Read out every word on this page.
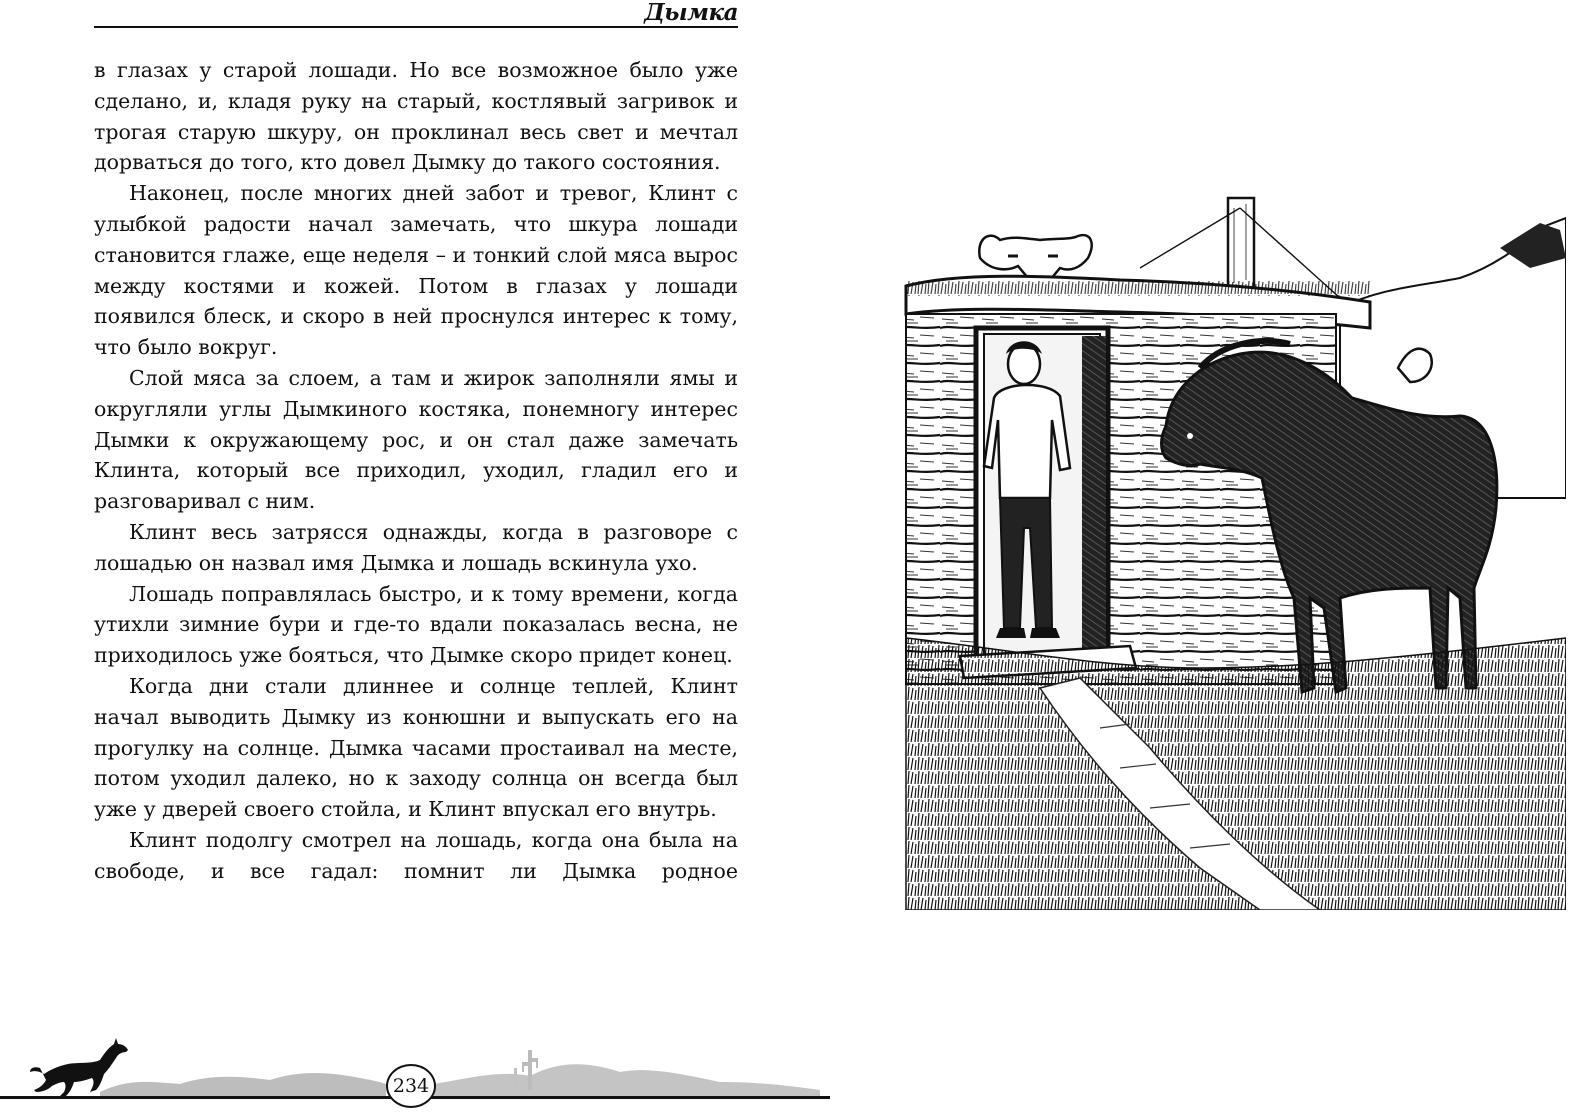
Дымка

в глазах у старой лошади. Но все возможное было уже сделано, и, кладя руку на старый, костлявый загривок и трогая старую шкуру, он проклинал весь свет и мечтал дорваться до того, кто довел Дымку до такого состояния.

Наконец, после многих дней забот и тревог, Клинт с улыбкой радости начал замечать, что шкура лошади становится глаже, еще неделя – и тонкий слой мяса вырос между костями и кожей. Потом в глазах у лошади появился блеск, и скоро в ней проснулся интерес к тому, что было вокруг.

Слой мяса за слоем, а там и жирок заполняли ямы и округляли углы Дымкиного костяка, понемногу интерес Дымки к окружающему рос, и он стал даже замечать Клинта, который все приходил, уходил, гладил его и разговаривал с ним.

Клинт весь затрясся однажды, когда в разговоре с лошадью он назвал имя Дымка и лошадь вскинула ухо.

Лошадь поправлялась быстро, и к тому времени, когда утихли зимние бури и где-то вдали показалась весна, не приходилось уже бояться, что Дымке скоро придет конец.

Когда дни стали длиннее и солнце теплей, Клинт начал выводить Дымку из конюшни и выпускать его на прогулку на солнце. Дымка часами простаивал на месте, потом уходил далеко, но к заходу солнца он всегда был уже у дверей своего стойла, и Клинт впускал его внутрь.

Клинт подолгу смотрел на лошадь, когда она была на свободе, и все гадал: помнит ли Дымка родное

234
